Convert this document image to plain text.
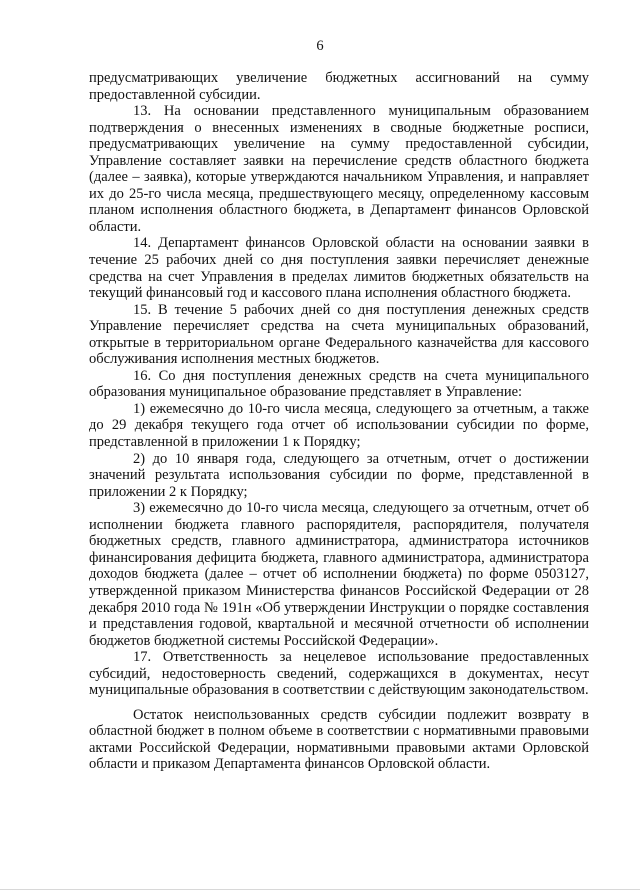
6

предусматривающих увеличение бюджетных ассигнований на сумму предоставленной субсидии.

13. На основании представленного муниципальным образованием подтверждения о внесенных изменениях в сводные бюджетные росписи, предусматривающих увеличение на сумму предоставленной субсидии, Управление составляет заявки на перечисление средств областного бюджета (далее – заявка), которые утверждаются начальником Управления, и направляет их до 25-го числа месяца, предшествующего месяцу, определенному кассовым планом исполнения областного бюджета, в Департамент финансов Орловской области.

14. Департамент финансов Орловской области на основании заявки в течение 25 рабочих дней со дня поступления заявки перечисляет денежные средства на счет Управления в пределах лимитов бюджетных обязательств на текущий финансовый год и кассового плана исполнения областного бюджета.

15. В течение 5 рабочих дней со дня поступления денежных средств Управление перечисляет средства на счета муниципальных образований, открытые в территориальном органе Федерального казначейства для кассового обслуживания исполнения местных бюджетов.

16. Со дня поступления денежных средств на счета муниципального образования муниципальное образование представляет в Управление:

1) ежемесячно до 10-го числа месяца, следующего за отчетным, а также до 29 декабря текущего года отчет об использовании субсидии по форме, представленной в приложении 1 к Порядку;

2) до 10 января года, следующего за отчетным, отчет о достижении значений результата использования субсидии по форме, представленной в приложении 2 к Порядку;

3) ежемесячно до 10-го числа месяца, следующего за отчетным, отчет об исполнении бюджета главного распорядителя, распорядителя, получателя бюджетных средств, главного администратора, администратора источников финансирования дефицита бюджета, главного администратора, администратора доходов бюджета (далее – отчет об исполнении бюджета) по форме 0503127, утвержденной приказом Министерства финансов Российской Федерации от 28 декабря 2010 года № 191н «Об утверждении Инструкции о порядке составления и представления годовой, квартальной и месячной отчетности об исполнении бюджетов бюджетной системы Российской Федерации».

17. Ответственность за нецелевое использование предоставленных субсидий, недостоверность сведений, содержащихся в документах, несут муниципальные образования в соответствии с действующим законодательством.

Остаток неиспользованных средств субсидии подлежит возврату в областной бюджет в полном объеме в соответствии с нормативными правовыми актами Российской Федерации, нормативными правовыми актами Орловской области и приказом Департамента финансов Орловской области.
